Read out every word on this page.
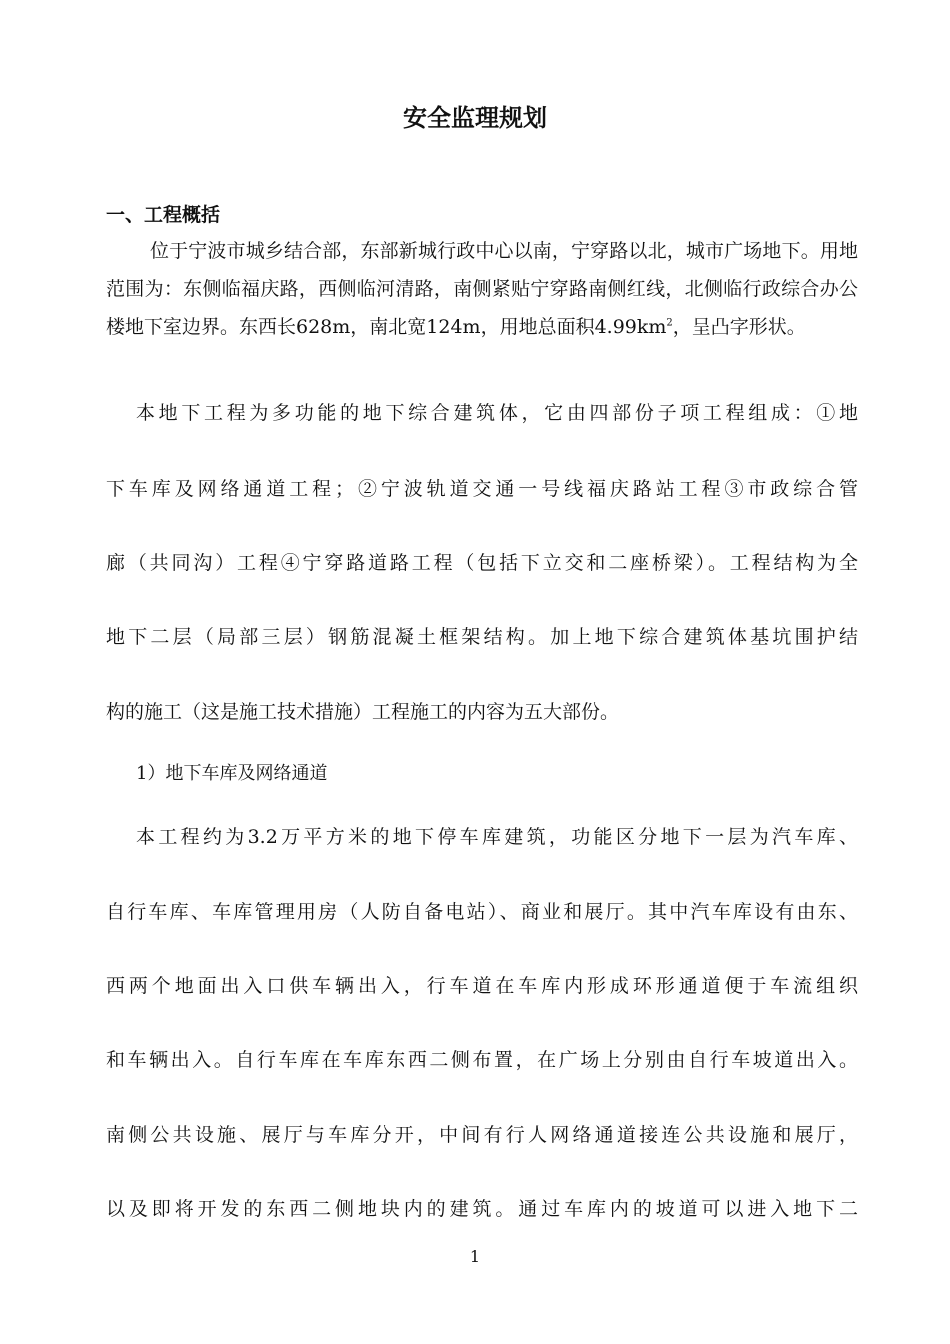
安全监理规划
一、工程概括
位于宁波市城乡结合部，东部新城行政中心以南，宁穿路以北，城市广场地下。用地范围为：东侧临福庆路，西侧临河清路，南侧紧贴宁穿路南侧红线，北侧临行政综合办公楼地下室边界。东西长628m，南北宽124m，用地总面积$4.99km^2$，呈凸字形状。
本地下工程为多功能的地下综合建筑体，它由四部份子项工程组成：①地
下车库及网络通道工程；②宁波轨道交通一号线福庆路站工程③市政综合管
廊（共同沟）工程④宁穿路道路工程（包括下立交和二座桥梁）。工程结构为全
地下二层（局部三层）钢筋混凝土框架结构。加上地下综合建筑体基坑围护结
构的施工（这是施工技术措施）工程施工的内容为五大部份。
1）地下车库及网络通道
本工程约为3.2万平方米的地下停车库建筑，功能区分地下一层为汽车库、
自行车库、车库管理用房（人防自备电站）、商业和展厅。其中汽车库设有由东、
西两个地面出入口供车辆出入，行车道在车库内形成环形通道便于车流组织
和车辆出入。自行车库在车库东西二侧布置，在广场上分别由自行车坡道出入。
南侧公共设施、展厅与车库分开，中间有行人网络通道接连公共设施和展厅，
以及即将开发的东西二侧地块内的建筑。通过车库内的坡道可以进入地下二
1
